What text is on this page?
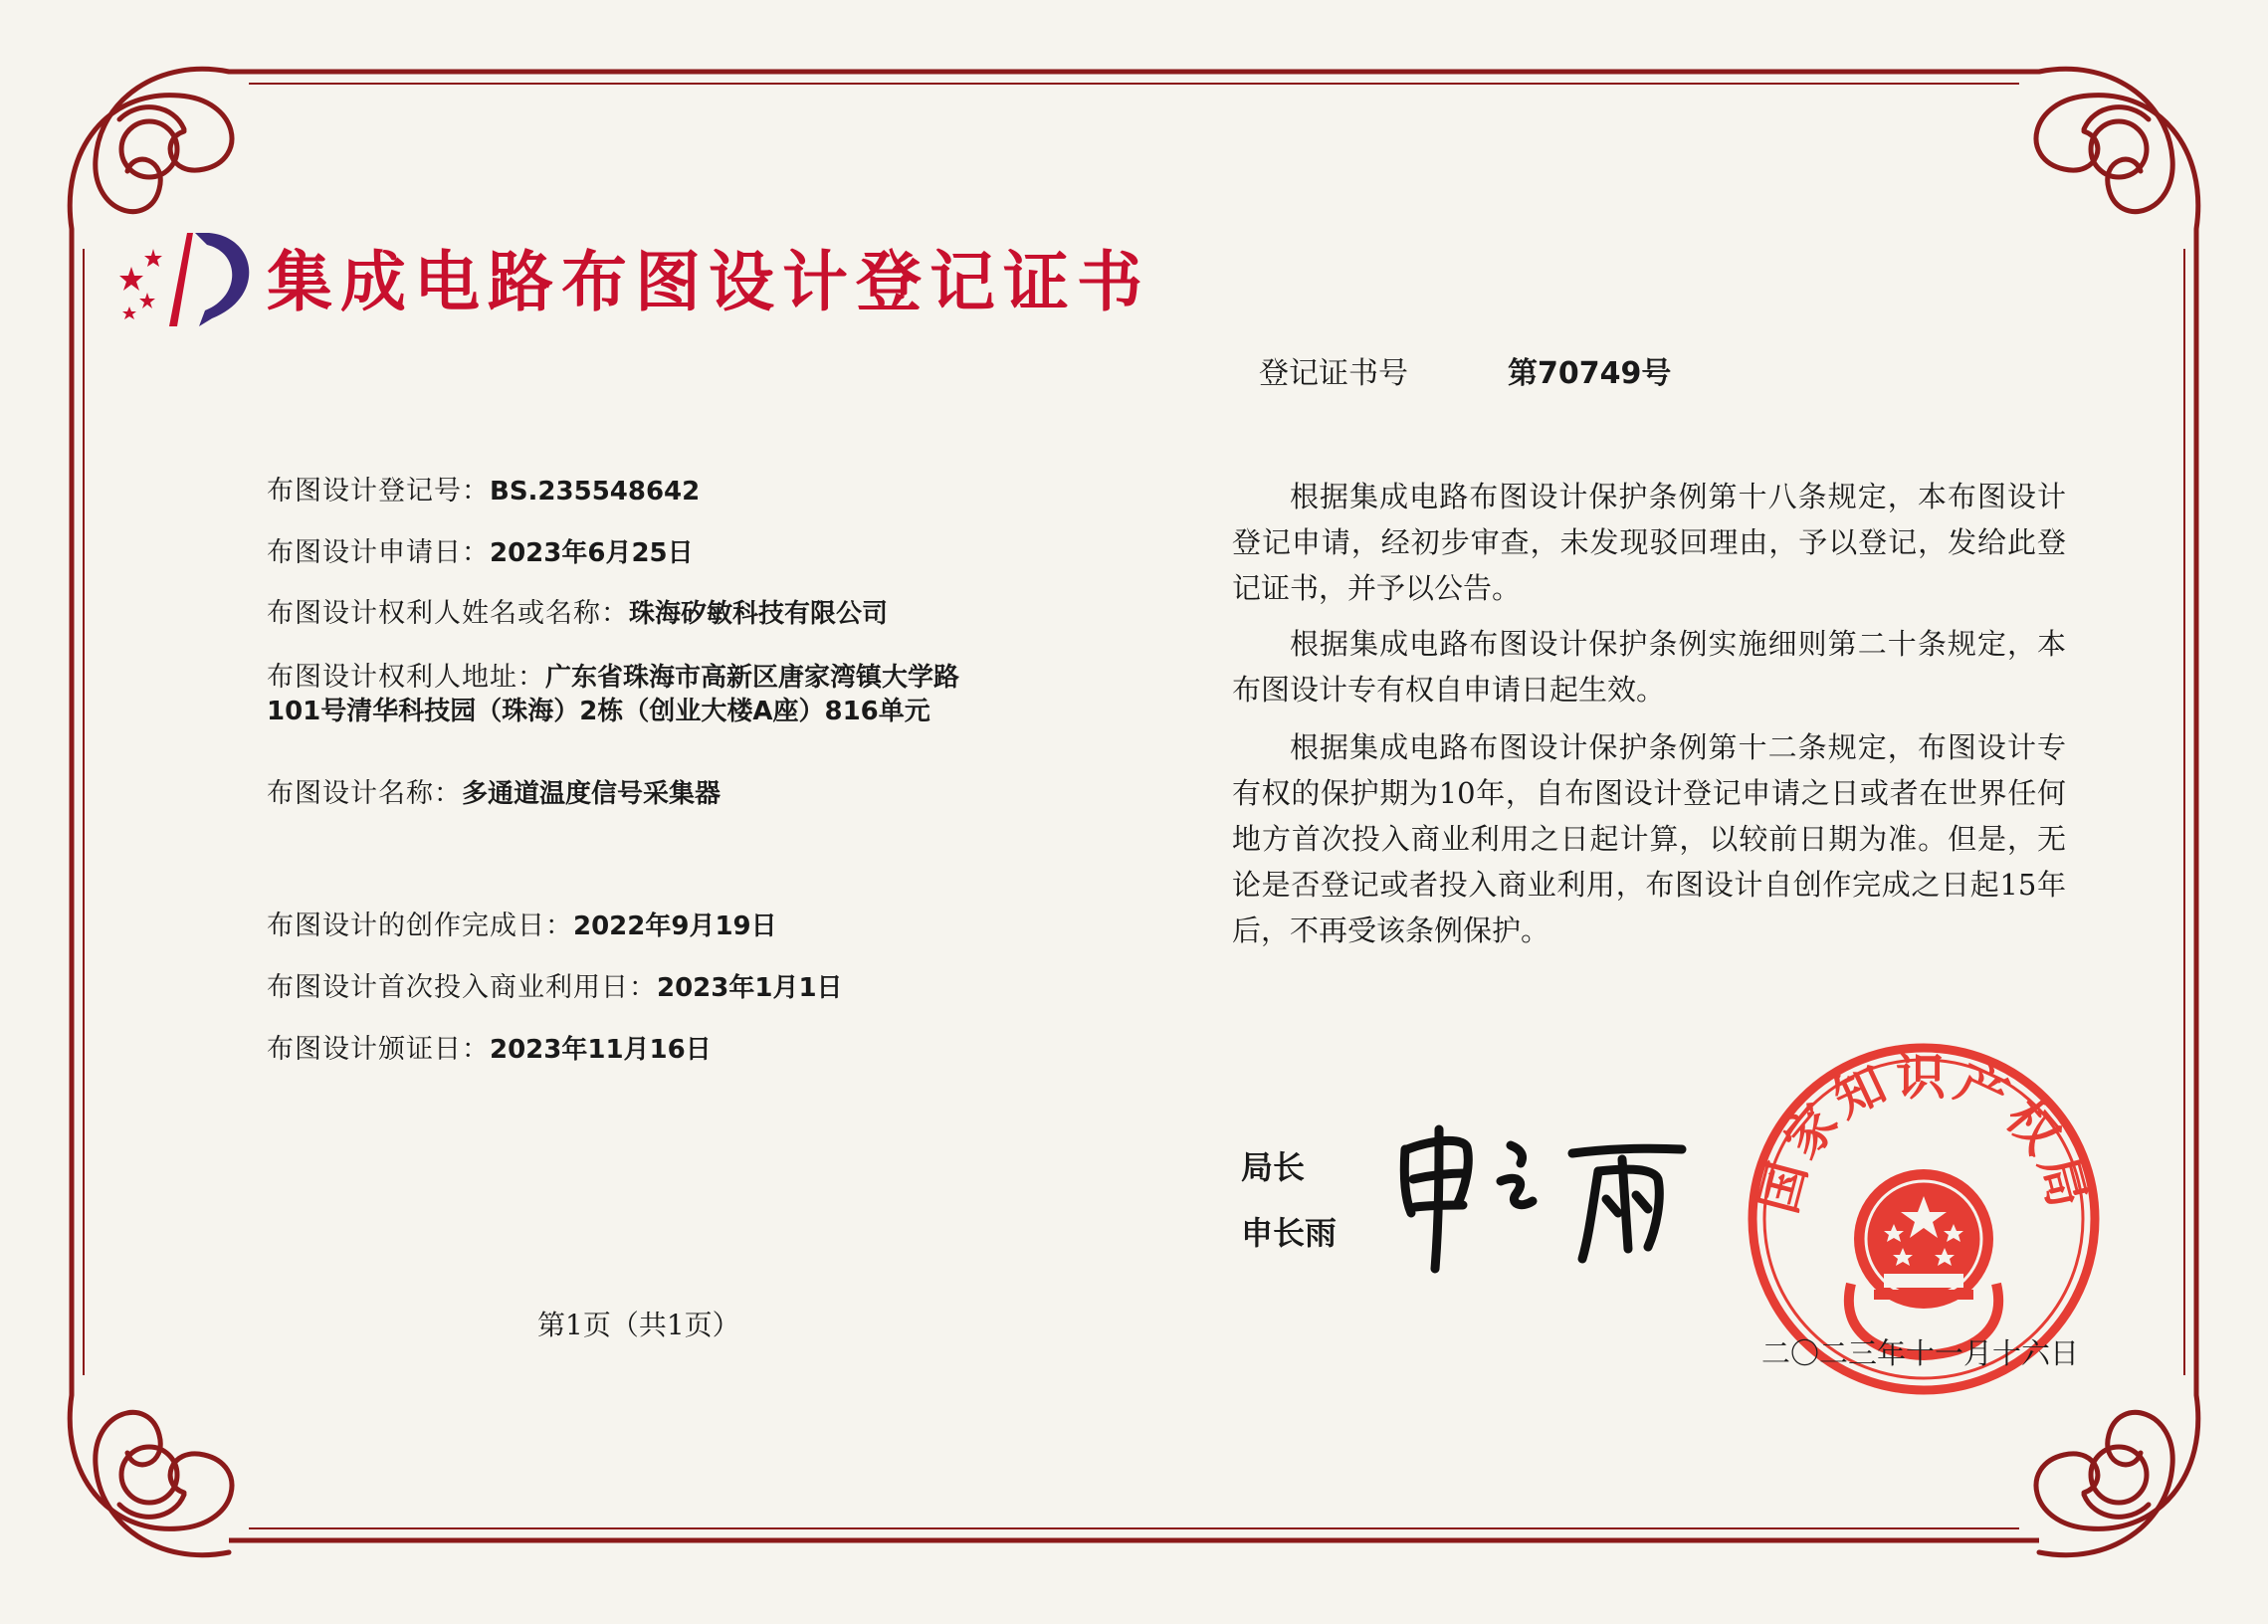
集成电路布图设计登记证书
登记证书号	第70749号
布图设计登记号：BS.235548642
布图设计申请日：2023年6月25日
布图设计权利人姓名或名称：珠海矽敏科技有限公司
布图设计权利人地址：广东省珠海市高新区唐家湾镇大学路101号清华科技园（珠海）2栋（创业大楼A座）816单元
布图设计名称：多通道温度信号采集器
布图设计的创作完成日：2022年9月19日
布图设计首次投入商业利用日：2023年1月1日
布图设计颁证日：2023年11月16日

根据集成电路布图设计保护条例第十八条规定，本布图设计登记申请，经初步审查，未发现驳回理由，予以登记，发给此登记证书，并予以公告。

根据集成电路布图设计保护条例实施细则第二十条规定，本布图设计专有权自申请日起生效。

根据集成电路布图设计保护条例第十二条规定，布图设计专有权的保护期为10年，自布图设计登记申请之日或者在世界任何地方首次投入商业利用之日起计算，以较前日期为准。但是，无论是否登记或者投入商业利用，布图设计自创作完成之日起15年后，不再受该条例保护。

局长
申长雨
国家知识产权局
二〇二三年十一月十六日
第1页（共1页）
